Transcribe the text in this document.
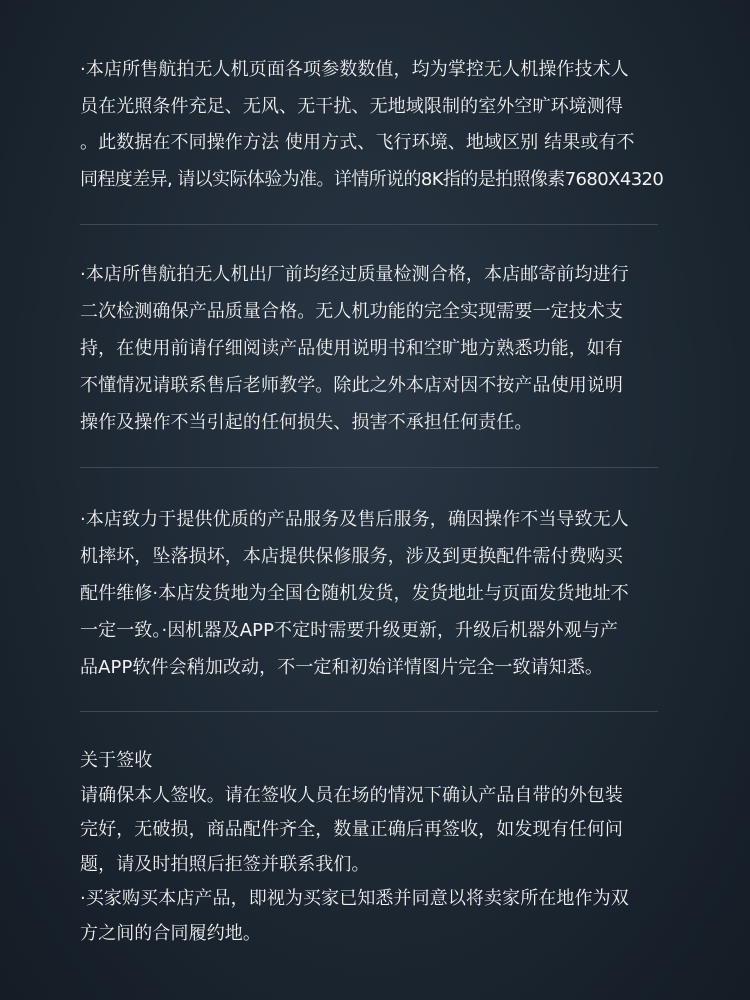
·本店所售航拍无人机页面各项参数数值，均为掌控无人机操作技术人
员在光照条件充足、无风、无干扰、无地域限制的室外空旷环境测得
。此数据在不同操作方法 使用方式、飞行环境、地域区别 结果或有不
同程度差异, 请以实际体验为准。详情所说的8K指的是拍照像素7680X4320
·本店所售航拍无人机出厂前均经过质量检测合格，本店邮寄前均进行
二次检测确保产品质量合格。无人机功能的完全实现需要一定技术支
持，在使用前请仔细阅读产品使用说明书和空旷地方熟悉功能，如有
不懂情况请联系售后老师教学。除此之外本店对因不按产品使用说明
操作及操作不当引起的任何损失、损害不承担任何责任。
·本店致力于提供优质的产品服务及售后服务，确因操作不当导致无人
机摔坏，坠落损坏，本店提供保修服务，涉及到更换配件需付费购买
配件维修·本店发货地为全国仓随机发货，发货地址与页面发货地址不
一定一致。·因机器及APP不定时需要升级更新，升级后机器外观与产
品APP软件会稍加改动，不一定和初始详情图片完全一致请知悉。
关于签收
请确保本人签收。请在签收人员在场的情况下确认产品自带的外包装
完好，无破损，商品配件齐全，数量正确后再签收，如发现有任何问
题，请及时拍照后拒签并联系我们。
·买家购买本店产品，即视为买家已知悉并同意以将卖家所在地作为双
方之间的合同履约地。
